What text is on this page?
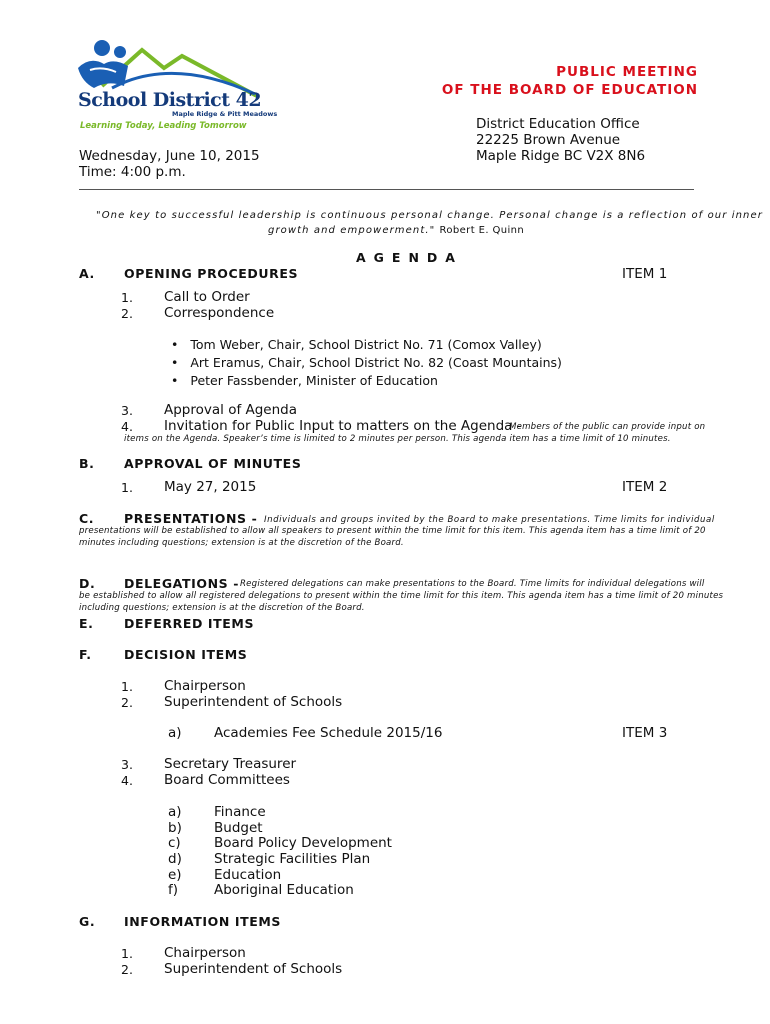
School District 42
Maple Ridge & Pitt Meadows
Learning Today, Leading Tomorrow
PUBLIC MEETING
OF THE BOARD OF EDUCATION
District Education Office
22225 Brown Avenue
Maple Ridge BC V2X 8N6
Wednesday, June 10, 2015
Time: 4:00 p.m.
"One key to successful leadership is continuous personal change. Personal change is a reflection of our inner
growth and empowerment." Robert E. Quinn
AGENDA
A. OPENING PROCEDURES	ITEM 1
1. Call to Order
2. Correspondence
• Tom Weber, Chair, School District No. 71 (Comox Valley)
• Art Eramus, Chair, School District No. 82 (Coast Mountains)
• Peter Fassbender, Minister of Education
3. Approval of Agenda
4. Invitation for Public Input to matters on the Agenda -
Members of the public can provide input on
items on the Agenda. Speaker’s time is limited to 2 minutes per person. This agenda item has a time limit of 10 minutes.
B. APPROVAL OF MINUTES
1. May 27, 2015	ITEM 2
C. PRESENTATIONS - Individuals and groups invited by the Board to make presentations. Time limits for individual
presentations will be established to allow all speakers to present within the time limit for this item. This agenda item has a time limit of 20
minutes including questions; extension is at the discretion of the Board.
D. DELEGATIONS - Registered delegations can make presentations to the Board. Time limits for individual delegations will
be established to allow all registered delegations to present within the time limit for this item. This agenda item has a time limit of 20 minutes
including questions; extension is at the discretion of the Board.
E. DEFERRED ITEMS
F.	DECISION ITEMS
1. Chairperson
2. Superintendent of Schools
a) Academies Fee Schedule 2015/16	ITEM 3
3. Secretary Treasurer
4. Board Committees
a) Finance
b) Budget
c) Board Policy Development
d) Strategic Facilities Plan
e) Education
f)	Aboriginal Education
G. INFORMATION ITEMS
1. Chairperson
2. Superintendent of Schools
